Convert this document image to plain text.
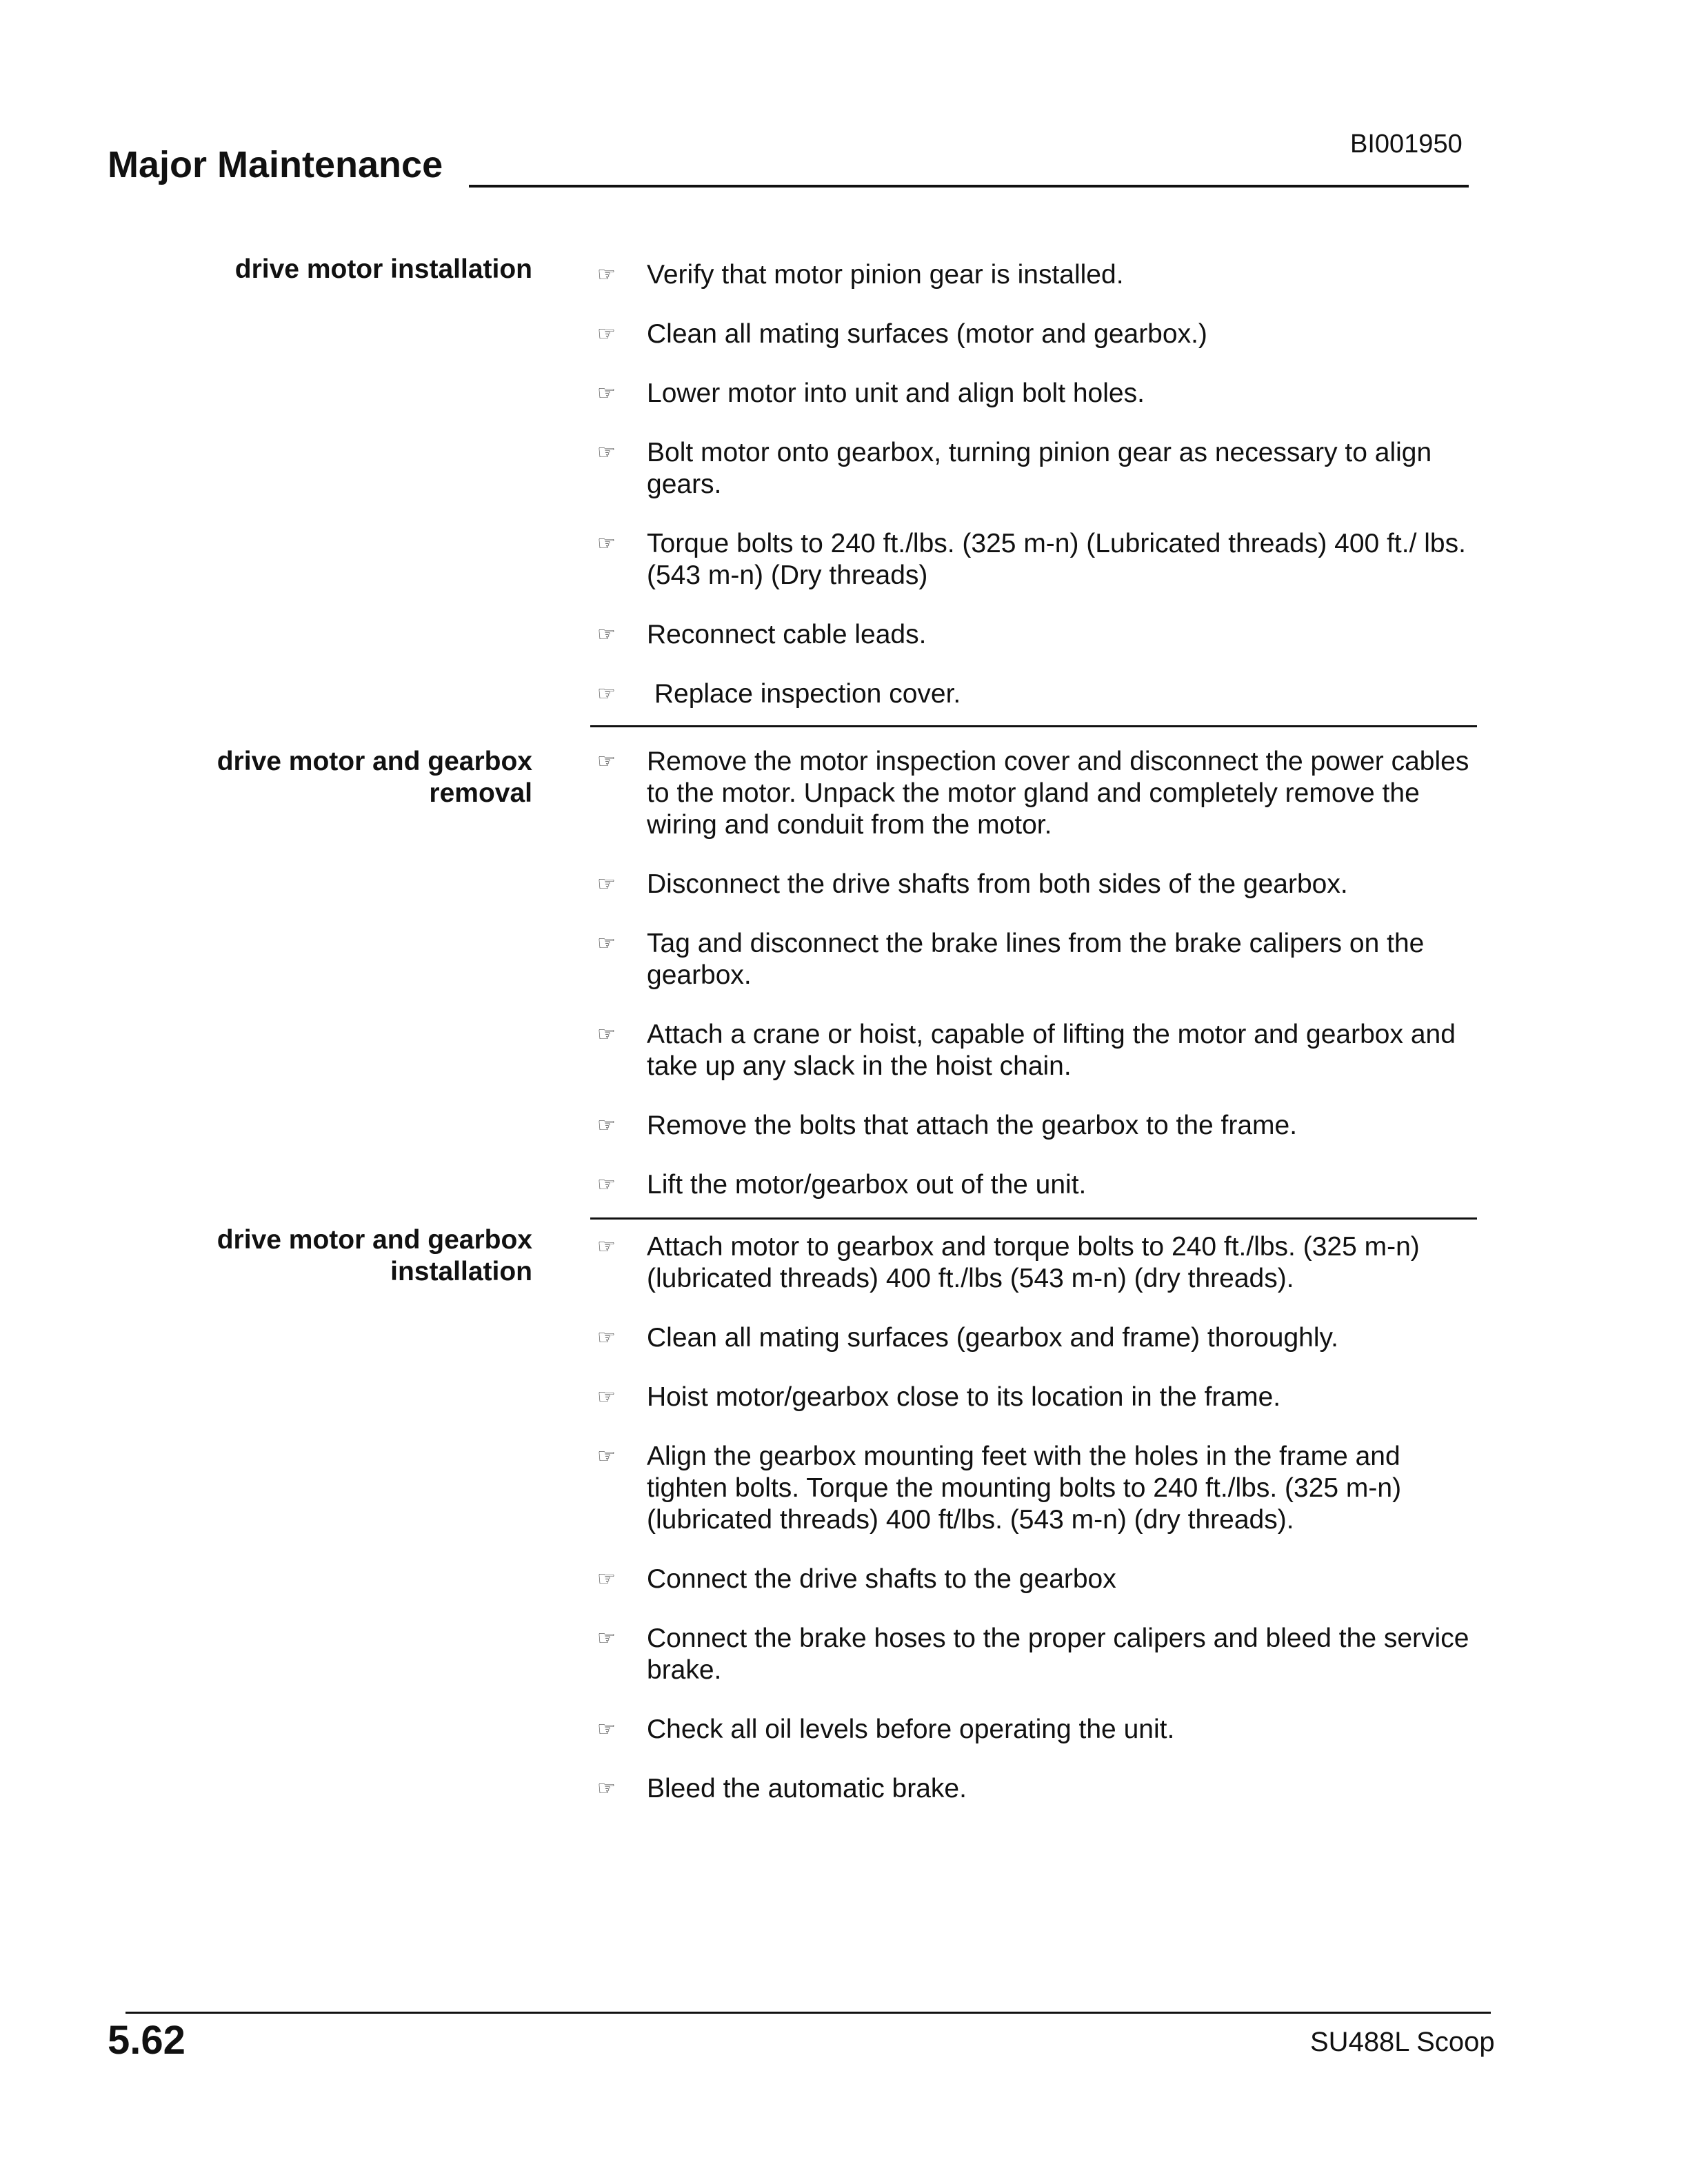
BI001950
Major Maintenance
drive motor installation	☞ Verify that motor pinion gear is installed.
☞ Clean all mating surfaces (motor and gearbox.)
☞ Lower motor into unit and align bolt holes.
☞ Bolt motor onto gearbox, turning pinion gear as necessary to align gears.
☞ Torque bolts to 240 ft./lbs. (325 m-n) (Lubricated threads) 400 ft./ lbs. (543 m-n) (Dry threads)
☞ Reconnect cable leads.
☞ Replace inspection cover.
drive motor and gearbox removal
☞ Remove the motor inspection cover and disconnect the power cables to the motor. Unpack the motor gland and completely remove the wiring and conduit from the motor.
☞ Disconnect the drive shafts from both sides of the gearbox.
☞ Tag and disconnect the brake lines from the brake calipers on the gearbox.
☞ Attach a crane or hoist, capable of lifting the motor and gearbox and take up any slack in the hoist chain.
☞ Remove the bolts that attach the gearbox to the frame.
☞ Lift the motor/gearbox out of the unit.
drive motor and gearbox installation
☞ Attach motor to gearbox and torque bolts to 240 ft./lbs. (325 m-n) (lubricated threads) 400 ft./lbs (543 m-n) (dry threads).
☞ Clean all mating surfaces (gearbox and frame) thoroughly.
☞ Hoist motor/gearbox close to its location in the frame.
☞ Align the gearbox mounting feet with the holes in the frame and tighten bolts. Torque the mounting bolts to 240 ft./lbs. (325 m-n) (lubricated threads) 400 ft/lbs. (543 m-n) (dry threads).
☞ Connect the drive shafts to the gearbox
☞ Connect the brake hoses to the proper calipers and bleed the service brake.
☞ Check all oil levels before operating the unit.
☞ Bleed the automatic brake.
5.62	SU488L Scoop
